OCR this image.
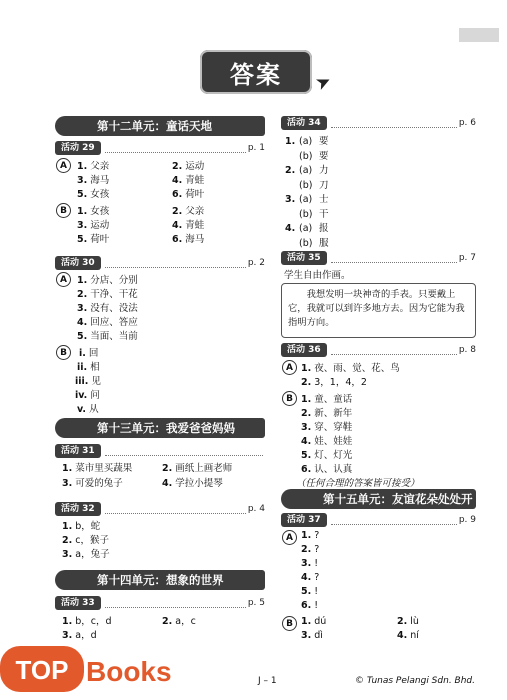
答案	➤
第十二单元：童话天地
活动 29	p. 1
A	1. 父亲	2. 运动
3. 海马	4. 青蛙
5. 女孩	6. 荷叶
B	1. 女孩	2. 父亲
3. 运动	4. 青蛙
5. 荷叶	6. 海马
活动 30	p. 2
A	1. 分店、分别
2. 干净、干花
3. 没有、没法
4. 回应、答应
5. 当面、当前
B	i. 回
ii. 相
iii. 见
iv. 问
v. 从
第十三单元：我爱爸爸妈妈
活动 31
1. 菜市里买蔬果	2. 画纸上画老师
3. 可爱的兔子	4. 学拉小提琴
活动 32	p. 4
1. b，蛇
2. c，猴子
3. a，兔子
第十四单元：想象的世界
活动 33	p. 5
1. b，c，d	2. a，c
3. a，d
活动 34	p. 6
1. (a) 要
(b) 要
2. (a) 力
(b) 刀
3. (a) 士
(b) 干
4. (a) 报
(b) 服
活动 35	p. 7
学生自由作画。
我想发明一块神奇的手表。只要戴上
它，我就可以到许多地方去。因为它能为我
指明方向。
活动 36	p. 8
A 1. 夜、雨、觉、花、鸟
2. 3，1，4，2
B 1. 童、童话
2. 新、新年
3. 穿、穿鞋
4. 娃、娃娃
5. 灯、灯光
6. 认、认真
（任何合理的答案皆可接受）
第十五单元：友谊花朵处处开
活动 37	p. 9
A 1. ?
2. ?
3. !
4. ?
5. !
6. !
B 1. dú	2. lù
3. dì	4. ní
J – 1	© Tunas Pelangi Sdn. Bhd.
TOP Books
